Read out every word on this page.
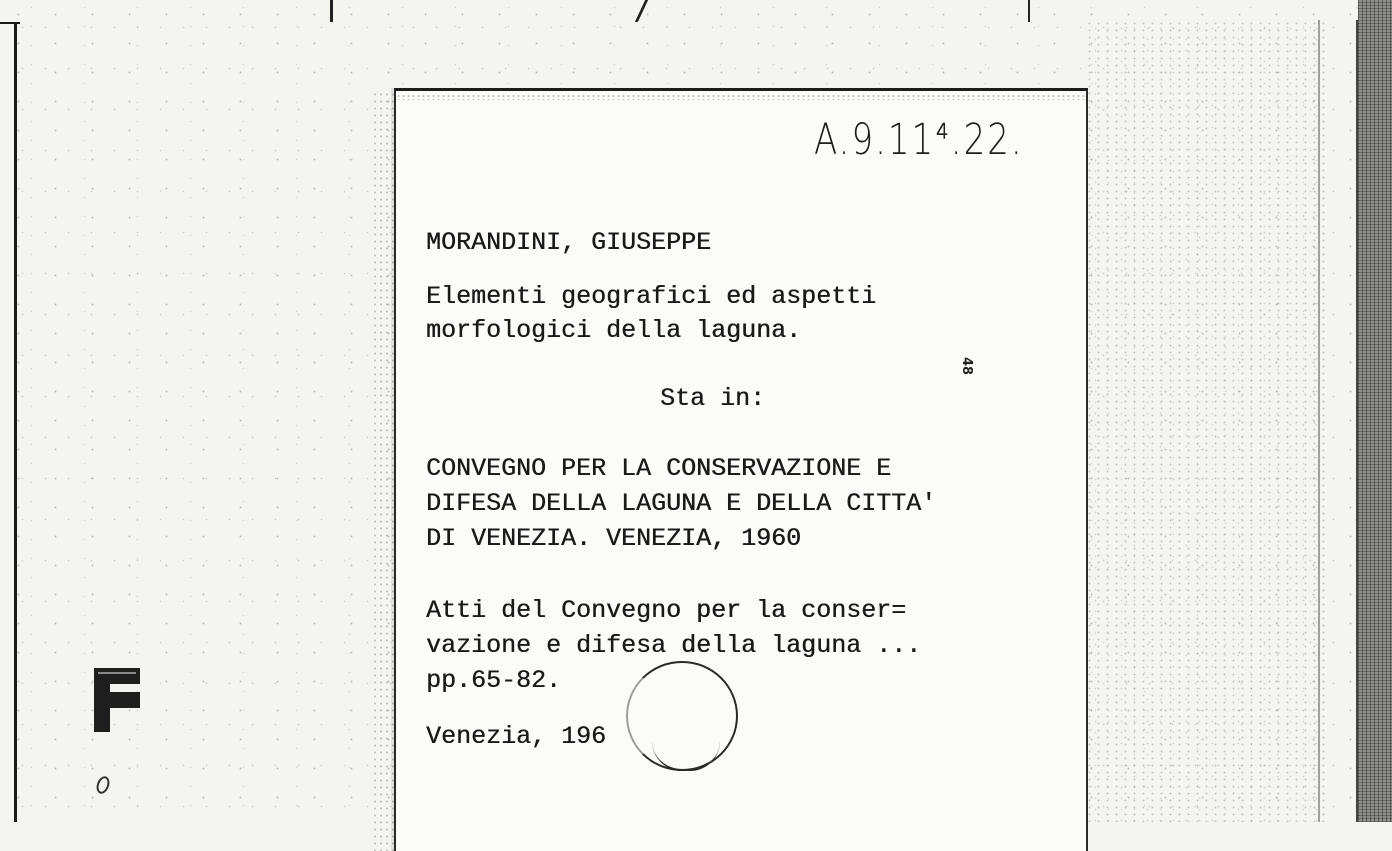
A.9.11⁴.22.
48

MORANDINI, GIUSEPPE

Elementi geografici ed aspetti

morfologici della laguna.

Sta in:

CONVEGNO PER LA CONSERVAZIONE E

DIFESA DELLA LAGUNA E DELLA CITTA'

DI VENEZIA. VENEZIA, 1960

Atti del Convegno per la conser=

vazione e difesa della laguna ...

pp.65-82.

Venezia, 196
